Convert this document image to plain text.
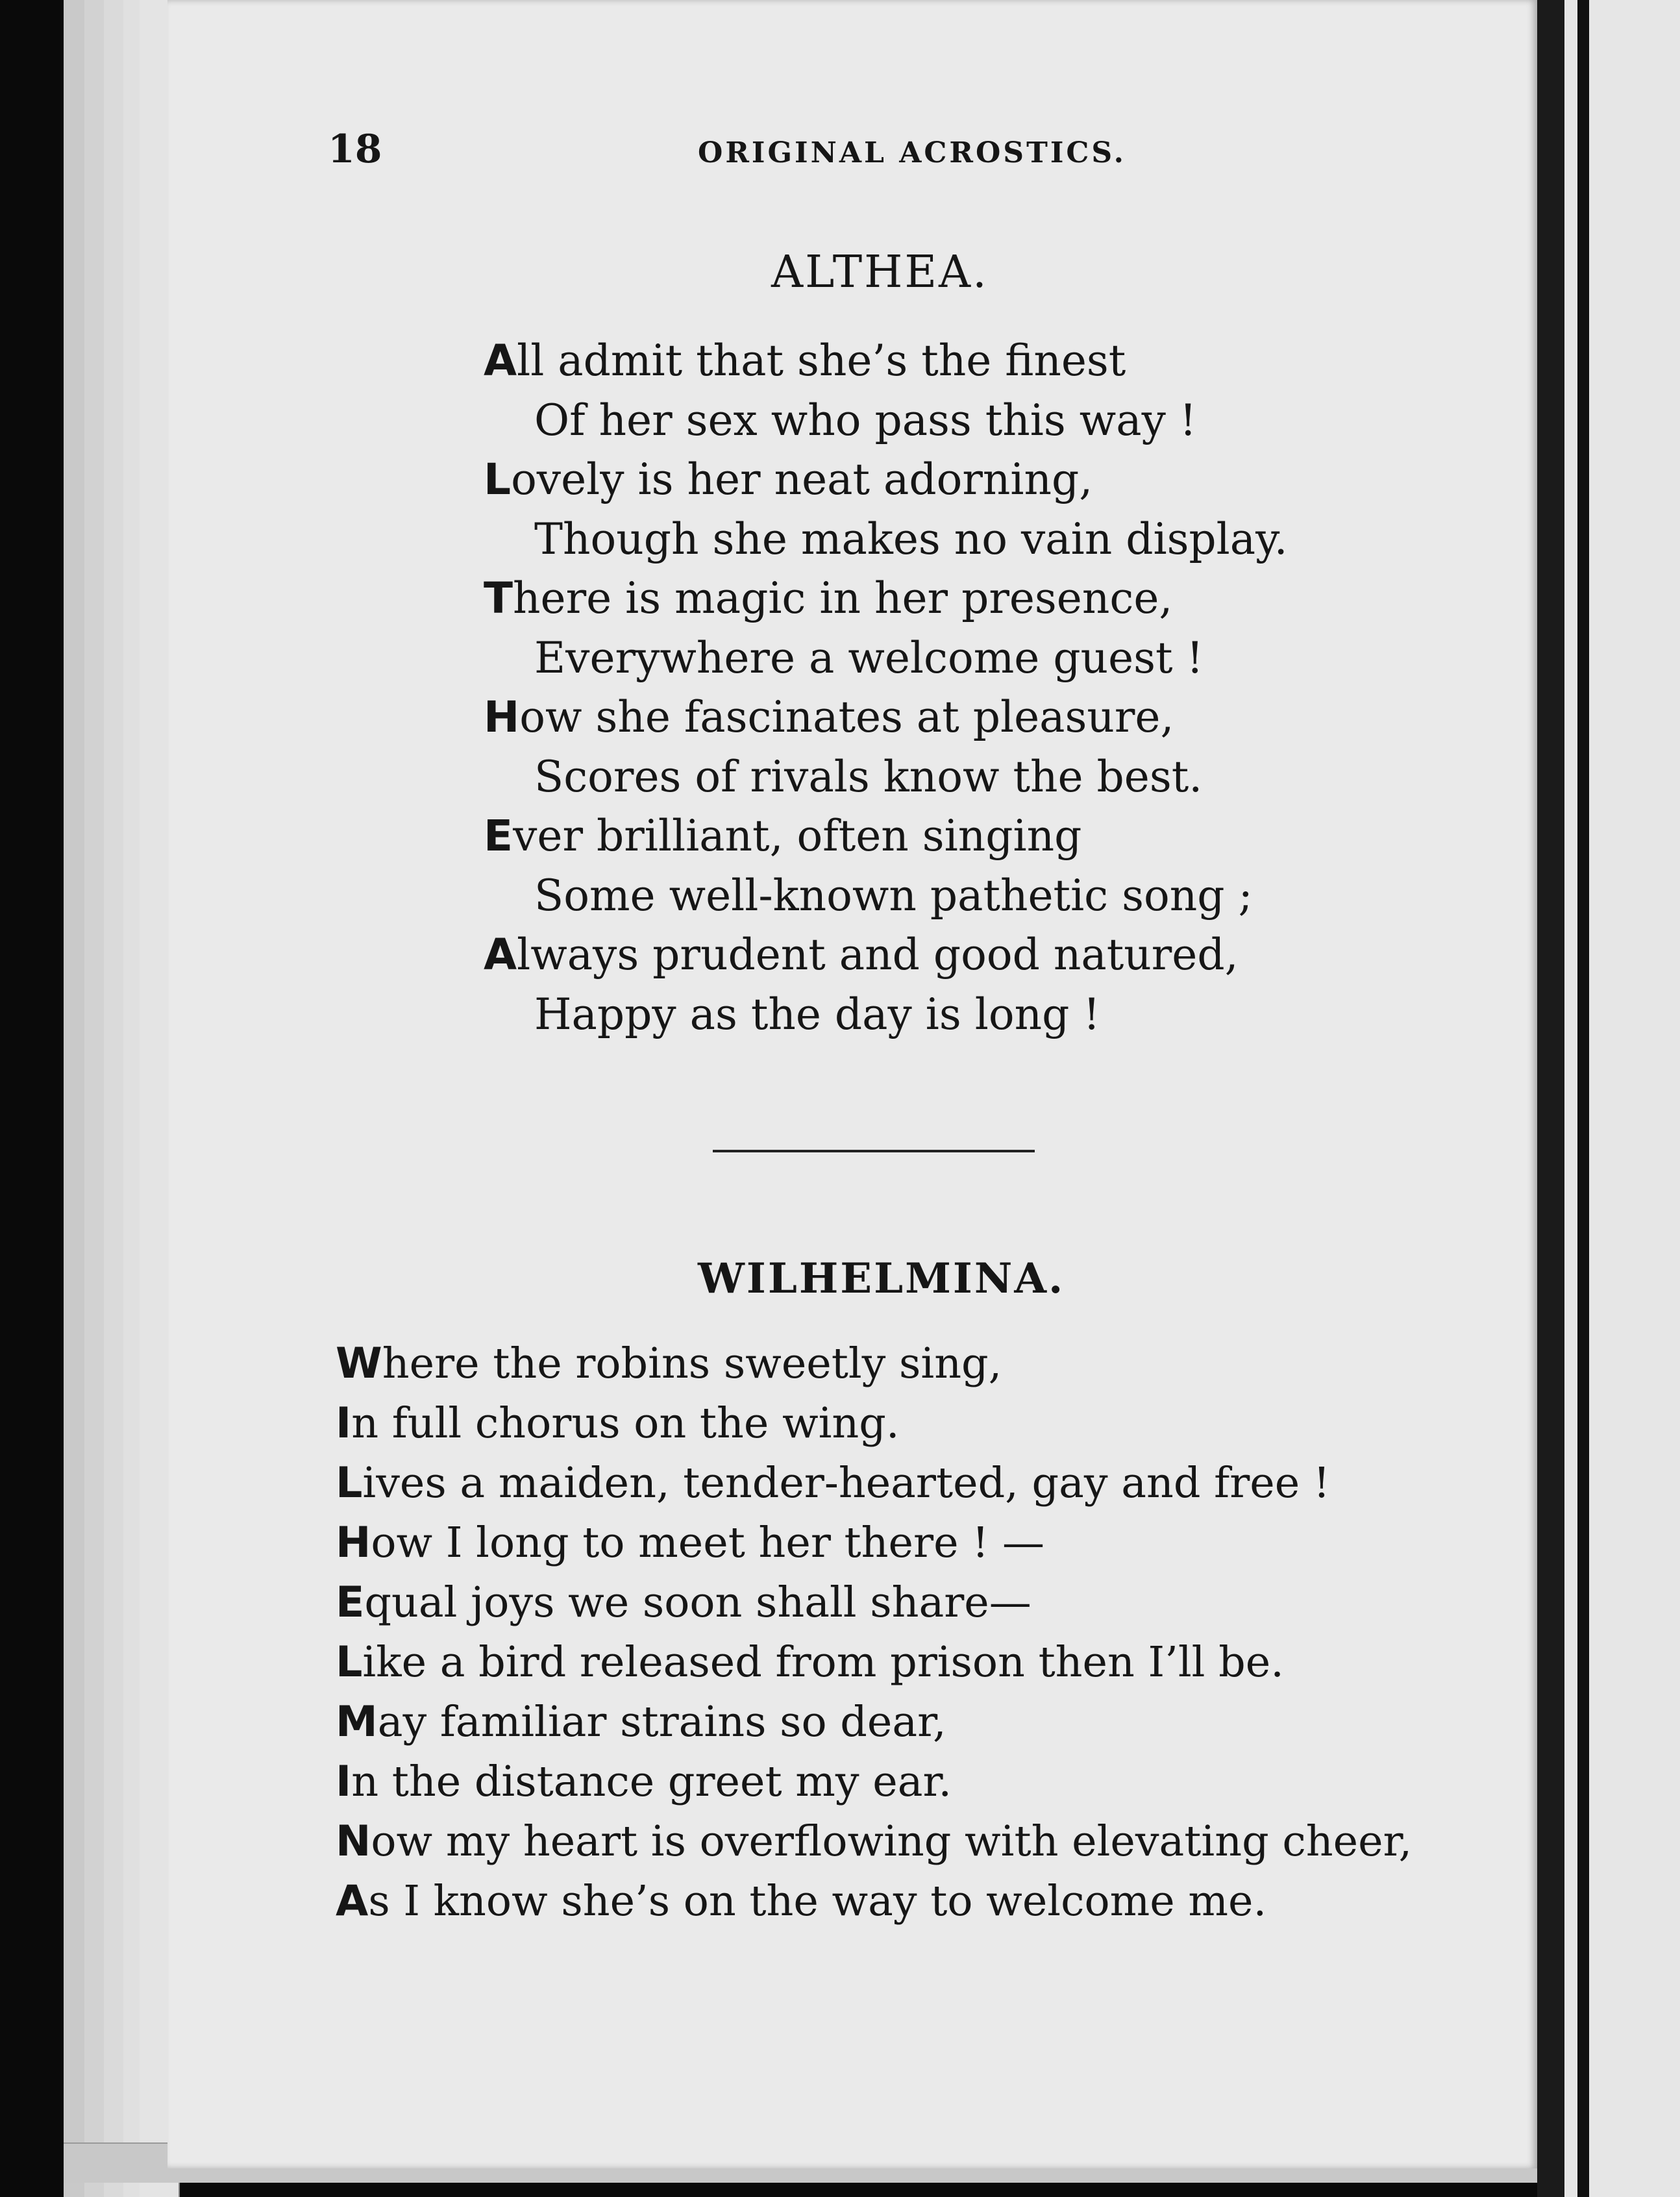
18	ORIGINAL ACROSTICS.
ALTHEA.
All admit that she’s the finest
Of her sex who pass this way !
Lovely is her neat adorning,
Though she makes no vain display.
There is magic in her presence,
Everywhere a welcome guest !
How she fascinates at pleasure,
Scores of rivals know the best.
Ever brilliant, often singing
Some well-known pathetic song ;
Always prudent and good natured,
Happy as the day is long !
WILHELMINA.
Where the robins sweetly sing,
In full chorus on the wing.
Lives a maiden, tender-hearted, gay and free !
How I long to meet her there ! —
Equal joys we soon shall share—
Like a bird released from prison then I’ll be.
May familiar strains so dear,
In the distance greet my ear.
Now my heart is overflowing with elevating cheer,
As I know she’s on the way to welcome me.
